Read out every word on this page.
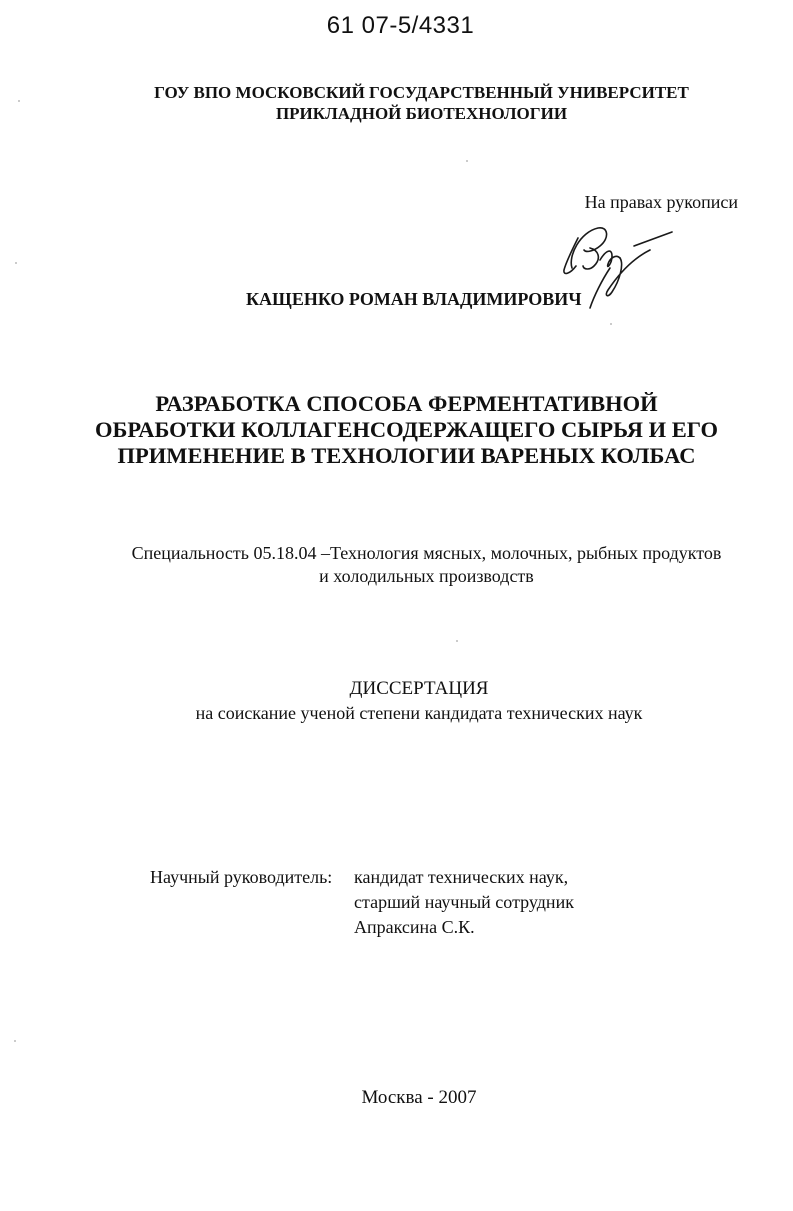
61 07-5/4331
ГОУ ВПО МОСКОВСКИЙ ГОСУДАРСТВЕННЫЙ УНИВЕРСИТЕТ
ПРИКЛАДНОЙ БИОТЕХНОЛОГИИ
На правах рукописи
КАЩЕНКО РОМАН ВЛАДИМИРОВИЧ
РАЗРАБОТКА СПОСОБА ФЕРМЕНТАТИВНОЙ
ОБРАБОТКИ КОЛЛАГЕНСОДЕРЖАЩЕГО СЫРЬЯ И ЕГО
ПРИМЕНЕНИЕ В ТЕХНОЛОГИИ ВАРЕНЫХ КОЛБАС
Специальность 05.18.04 –Технология мясных, молочных, рыбных продуктов
и холодильных производств
ДИССЕРТАЦИЯ
на соискание ученой степени кандидата технических наук
Научный руководитель: кандидат технических наук,
старший научный сотрудник
Апраксина С.К.
Москва - 2007
